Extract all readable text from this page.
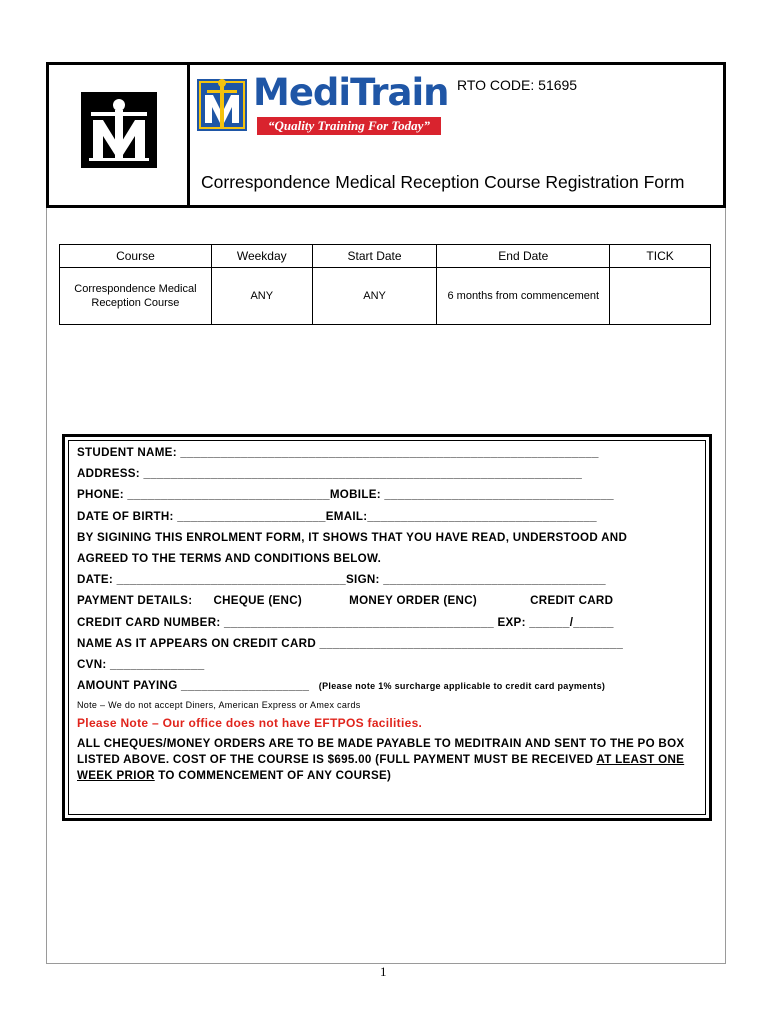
MediTrain
“Quality Training For Today”
RTO CODE: 51695
Correspondence Medical Reception Course Registration Form
Course	Weekday	Start Date	End Date	TICK
Correspondence Medical Reception Course	ANY	ANY	6 months from commencement	
STUDENT NAME: ______________________________________________________________
ADDRESS: _________________________________________________________________
PHONE: ______________________________MOBILE: __________________________________
DATE OF BIRTH: ______________________EMAIL:__________________________________
BY SIGINING THIS ENROLMENT FORM, IT SHOWS THAT YOU HAVE READ, UNDERSTOOD AND
AGREED TO THE TERMS AND CONDITIONS BELOW.
DATE: __________________________________SIGN: _________________________________
PAYMENT DETAILS: CHEQUE (ENC)	MONEY ORDER (ENC)	CREDIT CARD
CREDIT CARD NUMBER: ________________________________________ EXP: ______/______
NAME AS IT APPEARS ON CREDIT CARD _____________________________________________
CVN: ______________
AMOUNT PAYING ___________________ (Please note 1% surcharge applicable to credit card payments)
Note – We do not accept Diners, American Express or Amex cards
Please Note – Our office does not have EFTPOS facilities.
ALL CHEQUES/MONEY ORDERS ARE TO BE MADE PAYABLE TO MEDITRAIN AND SENT TO THE PO BOX LISTED ABOVE. COST OF THE COURSE IS $695.00 (FULL PAYMENT MUST BE RECEIVED AT LEAST ONE WEEK PRIOR TO COMMENCEMENT OF ANY COURSE)
1
